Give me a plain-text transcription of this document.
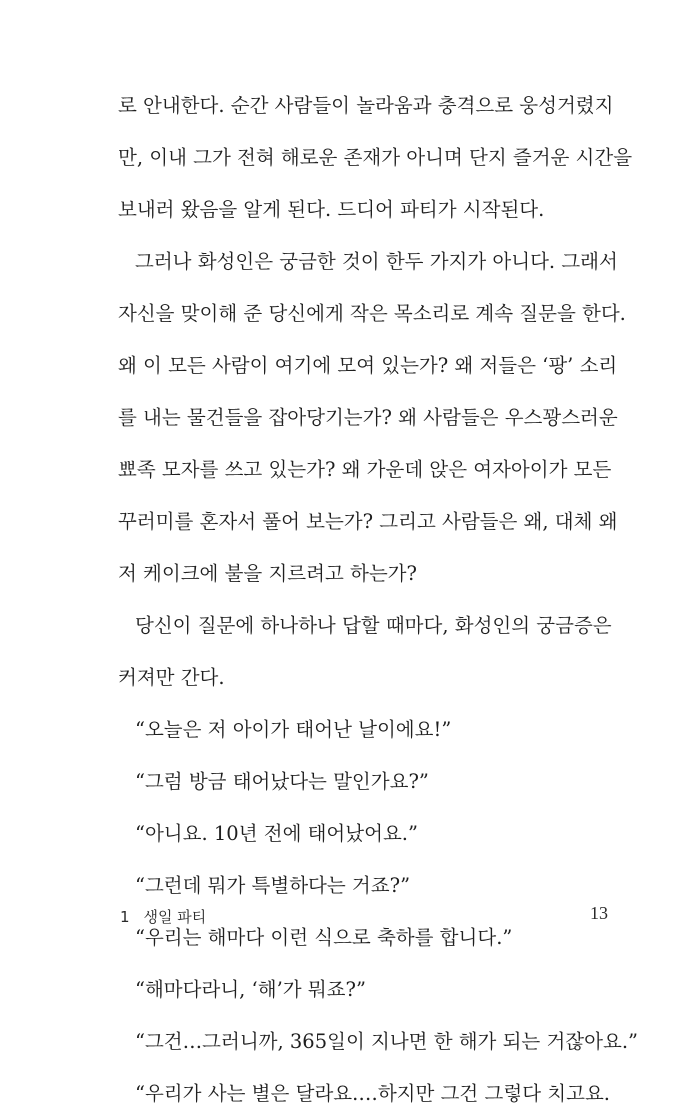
로 안내한다. 순간 사람들이 놀라움과 충격으로 웅성거렸지
만, 이내 그가 전혀 해로운 존재가 아니며 단지 즐거운 시간을
보내러 왔음을 알게 된다. 드디어 파티가 시작된다.
그러나 화성인은 궁금한 것이 한두 가지가 아니다. 그래서
자신을 맞이해 준 당신에게 작은 목소리로 계속 질문을 한다.
왜 이 모든 사람이 여기에 모여 있는가? 왜 저들은 ‘팡’ 소리
를 내는 물건들을 잡아당기는가? 왜 사람들은 우스꽝스러운
뾰족 모자를 쓰고 있는가? 왜 가운데 앉은 여자아이가 모든
꾸러미를 혼자서 풀어 보는가? 그리고 사람들은 왜, 대체 왜
저 케이크에 불을 지르려고 하는가?
당신이 질문에 하나하나 답할 때마다, 화성인의 궁금증은
커져만 간다.
“오늘은 저 아이가 태어난 날이에요!”
“그럼 방금 태어났다는 말인가요?”
“아니요. 10년 전에 태어났어요.”
“그런데 뭐가 특별하다는 거죠?”
“우리는 해마다 이런 식으로 축하를 합니다.”
“해마다라니, ‘해’가 뭐죠?”
“그건…그러니까, 365일이 지나면 한 해가 되는 거잖아요.”
“우리가 사는 별은 달라요.…하지만 그건 그렇다 치고요.
1 생일 파티	13
